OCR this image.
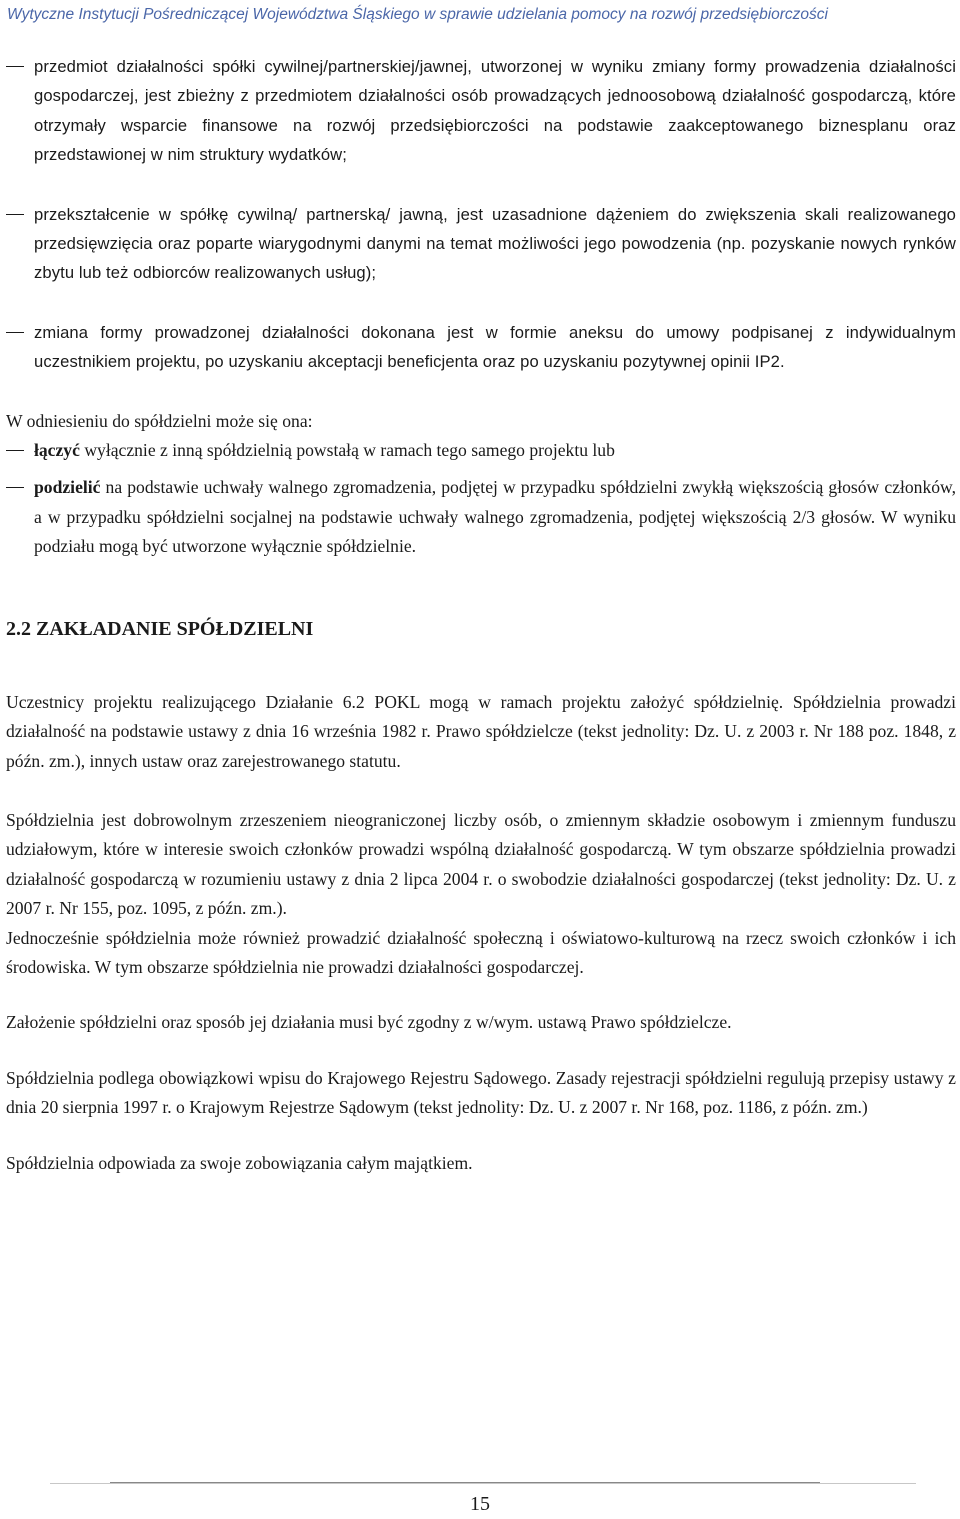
Wytyczne Instytucji Pośredniczącej Województwa Śląskiego w sprawie udzielania pomocy na rozwój przedsiębiorczości
przedmiot działalności spółki cywilnej/partnerskiej/jawnej, utworzonej w wyniku zmiany formy prowadzenia działalności gospodarczej, jest zbieżny z przedmiotem działalności osób prowadzących jednoosobową działalność gospodarczą, które otrzymały wsparcie finansowe na rozwój przedsiębiorczości na podstawie zaakceptowanego biznesplanu oraz przedstawionej w nim struktury wydatków;
przekształcenie w spółkę cywilną/ partnerską/ jawną, jest uzasadnione dążeniem do zwiększenia skali realizowanego przedsięwzięcia oraz poparte wiarygodnymi danymi na temat możliwości jego powodzenia (np. pozyskanie nowych rynków zbytu lub też odbiorców realizowanych usług);
zmiana formy prowadzonej działalności dokonana jest w formie aneksu do umowy podpisanej z indywidualnym uczestnikiem projektu, po uzyskaniu akceptacji beneficjenta oraz po uzyskaniu pozytywnej opinii IP2.

W odniesieniu do spółdzielni może się ona:

łączyć wyłącznie z inną spółdzielnią powstałą w ramach tego samego projektu lub
podzielić na podstawie uchwały walnego zgromadzenia, podjętej w przypadku spółdzielni zwykłą większością głosów członków, a w przypadku spółdzielni socjalnej na podstawie uchwały walnego zgromadzenia, podjętej większością 2/3 głosów. W wyniku podziału mogą być utworzone wyłącznie spółdzielnie.
2.2 ZAKŁADANIE SPÓŁDZIELNI

Uczestnicy projektu realizującego Działanie 6.2 POKL mogą w ramach projektu założyć spółdzielnię. Spółdzielnia prowadzi działalność na podstawie ustawy z dnia 16 września 1982 r. Prawo spółdzielcze (tekst jednolity: Dz. U. z 2003 r. Nr 188 poz. 1848, z późn. zm.), innych ustaw oraz zarejestrowanego statutu.

Spółdzielnia jest dobrowolnym zrzeszeniem nieograniczonej liczby osób, o zmiennym składzie osobowym i zmiennym funduszu udziałowym, które w interesie swoich członków prowadzi wspólną działalność gospodarczą. W tym obszarze spółdzielnia prowadzi działalność gospodarczą w rozumieniu ustawy z dnia 2 lipca 2004 r. o swobodzie działalności gospodarczej (tekst jednolity: Dz. U. z 2007 r. Nr 155, poz. 1095, z późn. zm.).

Jednocześnie spółdzielnia może również prowadzić działalność społeczną i oświatowo-kulturową na rzecz swoich członków i ich środowiska. W tym obszarze spółdzielnia nie prowadzi działalności gospodarczej.

Założenie spółdzielni oraz sposób jej działania musi być zgodny z w/wym. ustawą Prawo spółdzielcze.

Spółdzielnia podlega obowiązkowi wpisu do Krajowego Rejestru Sądowego. Zasady rejestracji spółdzielni regulują przepisy ustawy z dnia 20 sierpnia 1997 r. o Krajowym Rejestrze Sądowym (tekst jednolity: Dz. U. z 2007 r. Nr 168, poz. 1186, z późn. zm.)

Spółdzielnia odpowiada za swoje zobowiązania całym majątkiem.

15
